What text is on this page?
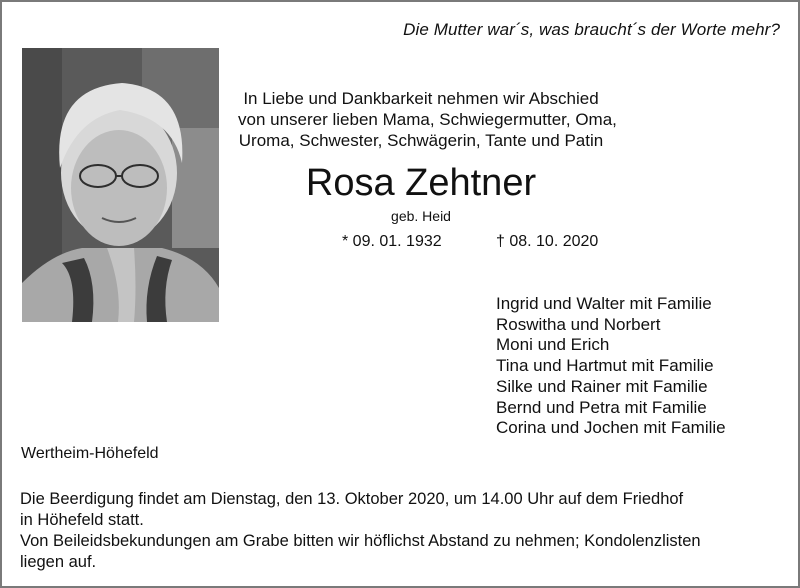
Die Mutter war´s, was braucht´s der Worte mehr?
In Liebe und Dankbarkeit nehmen wir Abschied
von unserer lieben Mama, Schwiegermutter, Oma,
Uroma, Schwester, Schwägerin, Tante und Patin
Rosa Zehtner
geb. Heid
* 09. 01. 1932	† 08. 10. 2020
Ingrid und Walter mit Familie
Roswitha und Norbert
Moni und Erich
Tina und Hartmut mit Familie
Silke und Rainer mit Familie
Bernd und Petra mit Familie
Corina und Jochen mit Familie
Wertheim-Höhefeld
Die Beerdigung findet am Dienstag, den 13. Oktober 2020, um 14.00 Uhr auf dem Friedhof
in Höhefeld statt.
Von Beileidsbekundungen am Grabe bitten wir höflichst Abstand zu nehmen; Kondolenzlisten
liegen auf.
